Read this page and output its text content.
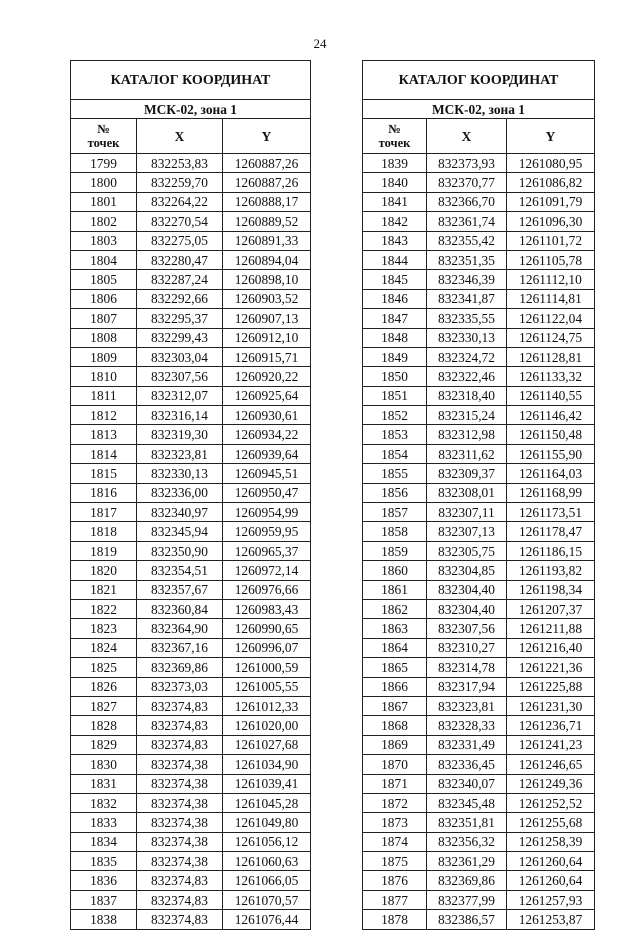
24
КАТАЛОГ КООРДИНАТ		
МСК-02, зона 1		
№
точек	X	Y
1799	832253,83	1260887,26
1800	832259,70	1260887,26
1801	832264,22	1260888,17
1802	832270,54	1260889,52
1803	832275,05	1260891,33
1804	832280,47	1260894,04
1805	832287,24	1260898,10
1806	832292,66	1260903,52
1807	832295,37	1260907,13
1808	832299,43	1260912,10
1809	832303,04	1260915,71
1810	832307,56	1260920,22
1811	832312,07	1260925,64
1812	832316,14	1260930,61
1813	832319,30	1260934,22
1814	832323,81	1260939,64
1815	832330,13	1260945,51
1816	832336,00	1260950,47
1817	832340,97	1260954,99
1818	832345,94	1260959,95
1819	832350,90	1260965,37
1820	832354,51	1260972,14
1821	832357,67	1260976,66
1822	832360,84	1260983,43
1823	832364,90	1260990,65
1824	832367,16	1260996,07
1825	832369,86	1261000,59
1826	832373,03	1261005,55
1827	832374,83	1261012,33
1828	832374,83	1261020,00
1829	832374,83	1261027,68
1830	832374,38	1261034,90
1831	832374,38	1261039,41
1832	832374,38	1261045,28
1833	832374,38	1261049,80
1834	832374,38	1261056,12
1835	832374,38	1261060,63
1836	832374,83	1261066,05
1837	832374,83	1261070,57
1838	832374,83	1261076,44
КАТАЛОГ КООРДИНАТ		
МСК-02, зона 1		
№
точек	X	Y
1839	832373,93	1261080,95
1840	832370,77	1261086,82
1841	832366,70	1261091,79
1842	832361,74	1261096,30
1843	832355,42	1261101,72
1844	832351,35	1261105,78
1845	832346,39	1261112,10
1846	832341,87	1261114,81
1847	832335,55	1261122,04
1848	832330,13	1261124,75
1849	832324,72	1261128,81
1850	832322,46	1261133,32
1851	832318,40	1261140,55
1852	832315,24	1261146,42
1853	832312,98	1261150,48
1854	832311,62	1261155,90
1855	832309,37	1261164,03
1856	832308,01	1261168,99
1857	832307,11	1261173,51
1858	832307,13	1261178,47
1859	832305,75	1261186,15
1860	832304,85	1261193,82
1861	832304,40	1261198,34
1862	832304,40	1261207,37
1863	832307,56	1261211,88
1864	832310,27	1261216,40
1865	832314,78	1261221,36
1866	832317,94	1261225,88
1867	832323,81	1261231,30
1868	832328,33	1261236,71
1869	832331,49	1261241,23
1870	832336,45	1261246,65
1871	832340,07	1261249,36
1872	832345,48	1261252,52
1873	832351,81	1261255,68
1874	832356,32	1261258,39
1875	832361,29	1261260,64
1876	832369,86	1261260,64
1877	832377,99	1261257,93
1878	832386,57	1261253,87
